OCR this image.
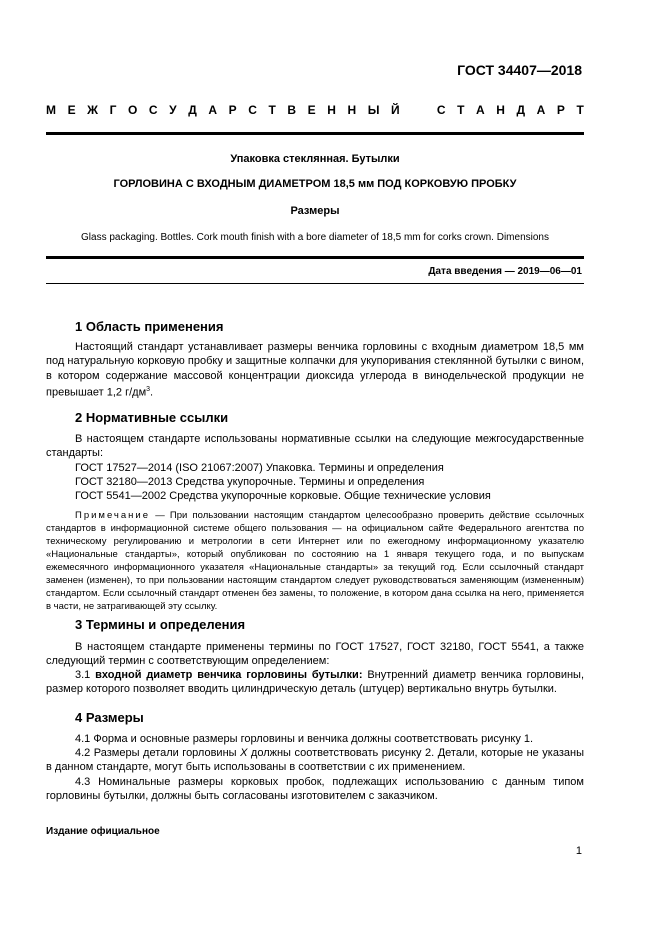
ГОСТ 34407—2018
М Е Ж Г О С У Д А Р С Т В Е Н Н Ы Й	С Т А Н Д А Р Т
Упаковка стеклянная. Бутылки
ГОРЛОВИНА С ВХОДНЫМ ДИАМЕТРОМ 18,5 мм ПОД КОРКОВУЮ ПРОБКУ
Размеры
Glass packaging. Bottles. Cork mouth finish with a bore diameter of 18,5 mm for corks crown. Dimensions
Дата введения — 2019—06—01
1 Область применения

Настоящий стандарт устанавливает размеры венчика горловины с входным диаметром 18,5 мм под натуральную корковую пробку и защитные колпачки для укупоривания стеклянной бутылки с вином, в котором содержание массовой концентрации диоксида углерода в винодельческой продукции не превышает 1,2 $г/дм^3$.

2 Нормативные ссылки

В настоящем стандарте использованы нормативные ссылки на следующие межгосударственные стандарты:

ГОСТ 17527—2014 (ISO 21067:2007) Упаковка. Термины и определения
ГОСТ 32180—2013 Средства укупорочные. Термины и определения
ГОСТ 5541—2002 Средства укупорочные корковые. Общие технические условия

Примечание — При пользовании настоящим стандартом целесообразно проверить действие ссылочных стандартов в информационной системе общего пользования — на официальном сайте Федерального агентства по техническому регулированию и метрологии в сети Интернет или по ежегодному информационному указателю «Национальные стандарты», который опубликован по состоянию на 1 января текущего года, и по выпускам ежемесячного информационного указателя «Национальные стандарты» за текущий год. Если ссылочный стандарт заменен (изменен), то при пользовании настоящим стандартом следует руководствоваться заменяющим (измененным) стандартом. Если ссылочный стандарт отменен без замены, то положение, в котором дана ссылка на него, применяется в части, не затрагивающей эту ссылку.

3 Термины и определения

В настоящем стандарте применены термины по ГОСТ 17527, ГОСТ 32180, ГОСТ 5541, а также следующий термин с соответствующим определением:

3.1 входной диаметр венчика горловины бутылки: Внутренний диаметр венчика горловины, размер которого позволяет вводить цилиндрическую деталь (штуцер) вертикально внутрь бутылки.

4 Размеры

4.1 Форма и основные размеры горловины и венчика должны соответствовать рисунку 1.

4.2 Размеры детали горловины X должны соответствовать рисунку 2. Детали, которые не указаны в данном стандарте, могут быть использованы в соответствии с их применением.

4.3 Номинальные размеры корковых пробок, подлежащих использованию с данным типом горловины бутылки, должны быть согласованы изготовителем с заказчиком.

Издание официальное
1
